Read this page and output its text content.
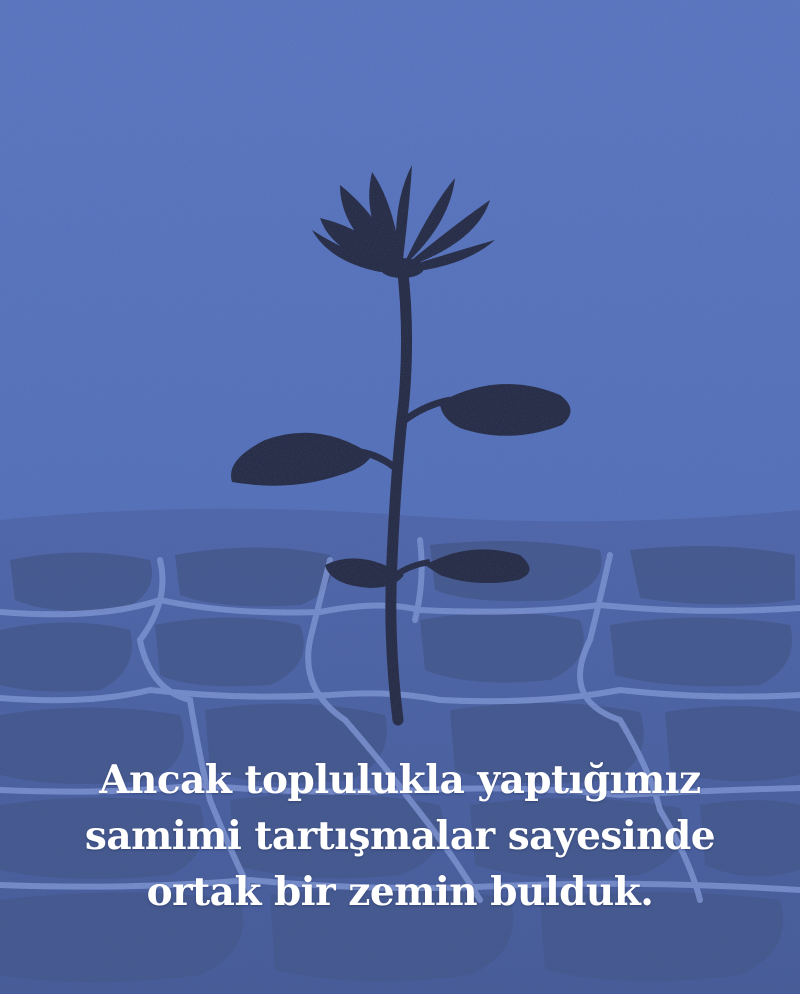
Ancak toplulukla yaptığımız
samimi tartışmalar sayesinde
ortak bir zemin bulduk.
